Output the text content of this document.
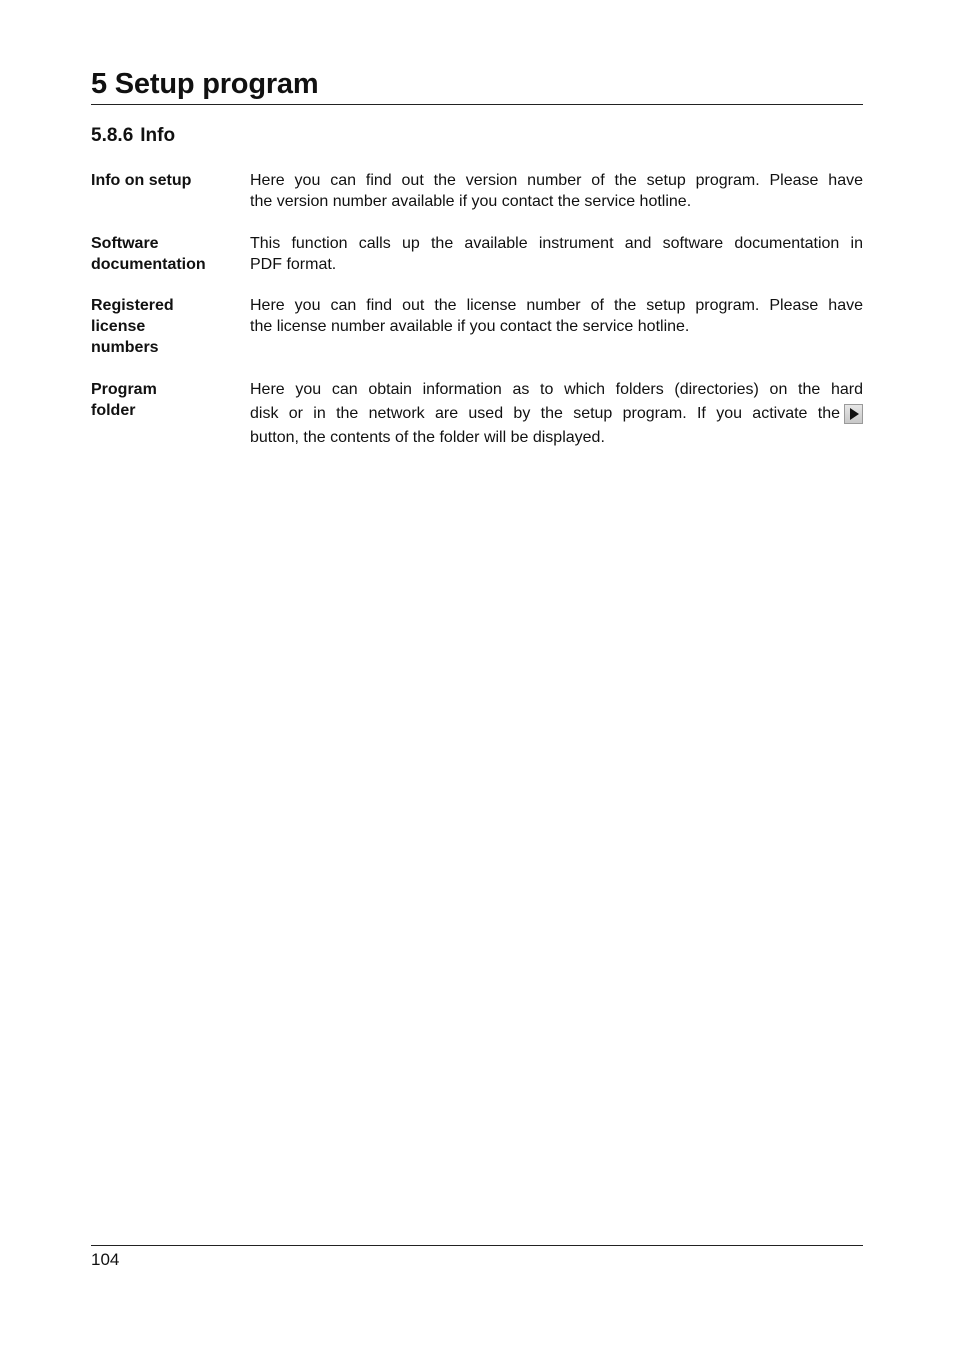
5 Setup program
5.8.6 Info
Info on setup	Here you can find out the version number of the setup program. Please have
the version number available if you contact the service hotline.
Software
documentation
This function calls up the available instrument and software documentation in
PDF format.
Registered
license
numbers
Here you can find out the license number of the setup program. Please have
the license number available if you contact the service hotline.
Program
folder
Here you can obtain information as to which folders (directories) on the hard
disk or in the network are used by the setup program. If you activate the
button, the contents of the folder will be displayed.
104
